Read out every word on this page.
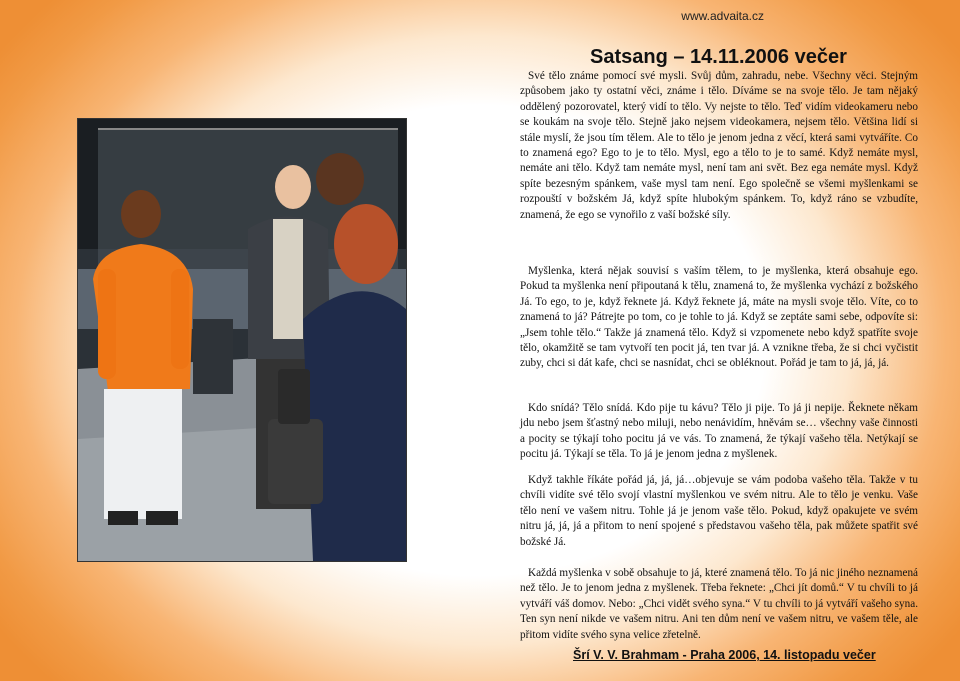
www.advaita.cz
Satsang – 14.11.2006 večer

Své tělo známe pomocí své mysli. Svůj dům, zahradu, nebe. Všechny věci. Stejným způsobem jako ty ostatní věci, známe i tělo. Díváme se na svoje tělo. Je tam nějaký oddělený pozorovatel, který vidí to tělo. Vy nejste to tělo. Teď vidím videokameru nebo se koukám na svoje tělo. Stejně jako nejsem videokamera, nejsem tělo. Většina lidí si stále myslí, že jsou tím tělem. Ale to tělo je jenom jedna z věcí, která sami vytváříte. Co to znamená ego? Ego to je to tělo. Mysl, ego a tělo to je to samé. Když nemáte mysl, nemáte ani tělo. Když tam nemáte mysl, není tam ani svět. Bez ega nemáte mysl. Když spíte bezesným spánkem, vaše mysl tam není. Ego společně se všemi myšlenkami se rozpouští v božském Já, když spíte hlubokým spánkem. To, když ráno se vzbudíte, znamená, že ego se vynořilo z vaší božské síly.

Myšlenka, která nějak souvisí s vaším tělem, to je myšlenka, která obsahuje ego. Pokud ta myšlenka není připoutaná k tělu, znamená to, že myšlenka vychází z božského Já. To ego, to je, když řeknete já. Když řeknete já, máte na mysli svoje tělo. Víte, co to znamená to já? Pátrejte po tom, co je tohle to já. Když se zeptáte sami sebe, odpovíte si: „Jsem tohle tělo.“ Takže já znamená tělo. Když si vzpomenete nebo když spatříte svoje tělo, okamžitě se tam vytvoří ten pocit já, ten tvar já. A vznikne třeba, že si chci vyčistit zuby, chci si dát kafe, chci se nasnídat, chci se obléknout. Pořád je tam to já, já, já.

Kdo snídá? Tělo snídá. Kdo pije tu kávu? Tělo ji pije. To já ji nepije. Řeknete někam jdu nebo jsem šťastný nebo miluji, nebo nenávidím, hněvám se… všechny vaše činnosti a pocity se týkají toho pocitu já ve vás. To znamená, že týkají vašeho těla. Netýkají se pocitu já. Týkají se těla. To já je jenom jedna z myšlenek.

Když takhle říkáte pořád já, já, já…objevuje se vám podoba vašeho těla. Takže v tu chvíli vidíte své tělo svojí vlastní myšlenkou ve svém nitru. Ale to tělo je venku. Vaše tělo není ve vašem nitru. Tohle já je jenom vaše tělo. Pokud, když opakujete ve svém nitru já, já, já a přitom to není spojené s představou vašeho těla, pak můžete spatřit své božské Já.

Každá myšlenka v sobě obsahuje to já, které znamená tělo. To já nic jiného neznamená než tělo. Je to jenom jedna z myšlenek. Třeba řeknete: „Chci jít domů.“ V tu chvíli to já vytváří váš domov. Nebo: „Chci vidět svého syna.“ V tu chvíli to já vytváří vašeho syna. Ten syn není nikde ve vašem nitru. Ani ten dům není ve vašem nitru, ve vašem těle, ale přitom vidíte svého syna velice zřetelně.

Šrí V. V. Brahmam - Praha 2006, 14. listopadu večer
